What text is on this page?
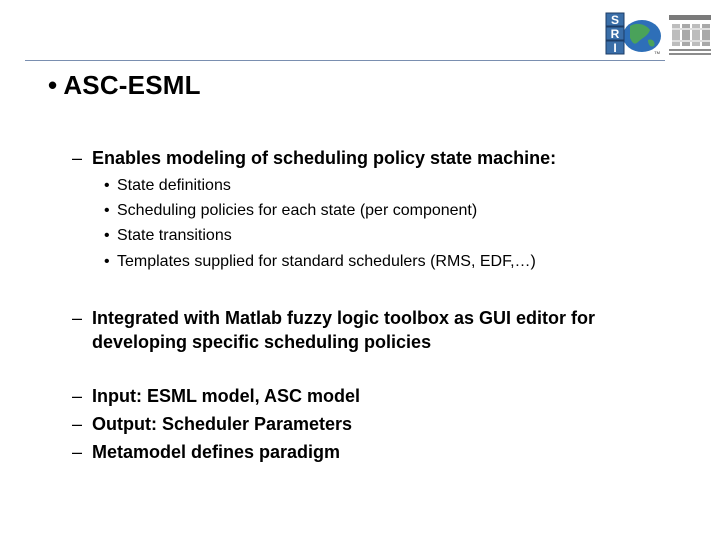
S
R
I	TM
• ASC-ESML
– Enables modeling of scheduling policy state machine:
• State definitions
• Scheduling policies for each state (per component)
• State transitions
• Templates supplied for standard schedulers (RMS, EDF,…)
– Integrated with Matlab fuzzy logic toolbox as GUI editor for developing specific scheduling policies
– Input: ESML model, ASC model
– Output: Scheduler Parameters
– Metamodel defines paradigm
